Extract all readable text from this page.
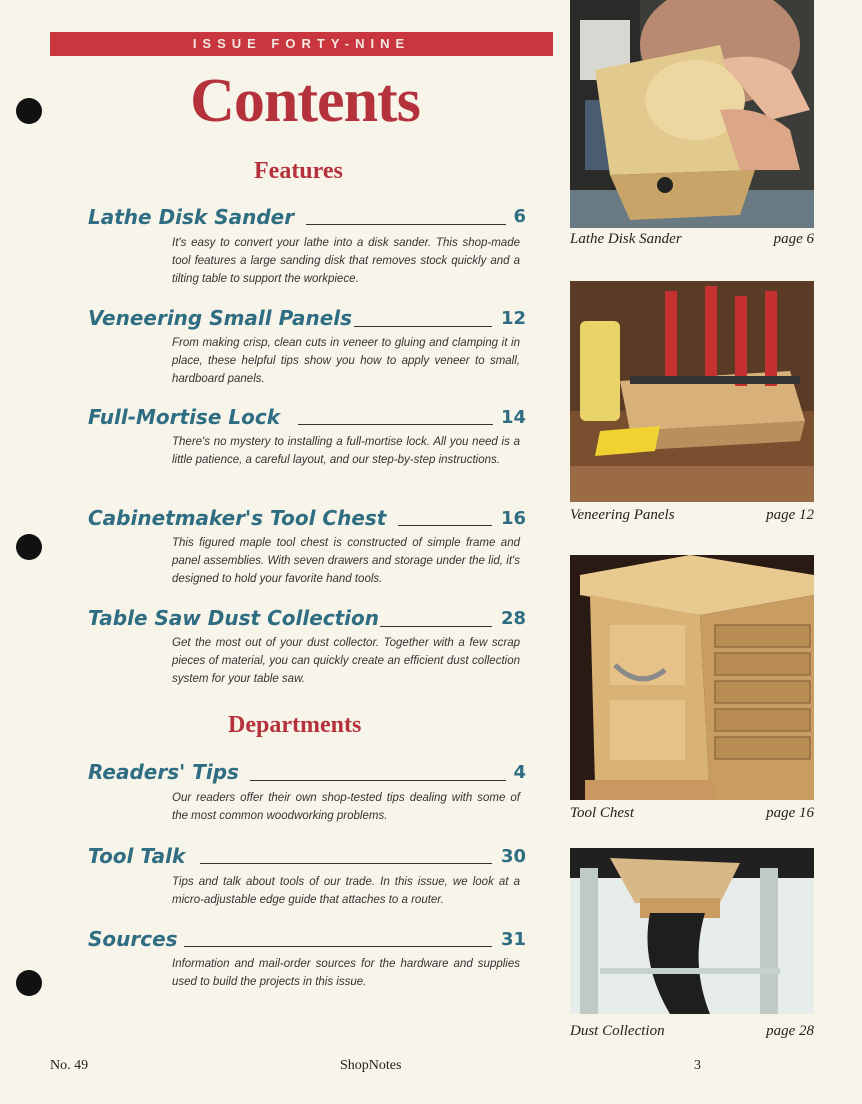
ISSUE FORTY-NINE
Contents
Features
Lathe Disk Sander	6
It's easy to convert your lathe into a disk sander. This shop-made tool features a large sanding disk that removes stock quickly and a tilting table to support the workpiece.
Veneering Small Panels	12
From making crisp, clean cuts in veneer to gluing and clamping it in place, these helpful tips show you how to apply veneer to small, hardboard panels.
Full-Mortise Lock	14
There's no mystery to installing a full-mortise lock. All you need is a little patience, a careful layout, and our step-by-step instructions.
Cabinetmaker's Tool Chest	16
This figured maple tool chest is constructed of simple frame and panel assemblies. With seven drawers and storage under the lid, it's designed to hold your favorite hand tools.
Table Saw Dust Collection	28
Get the most out of your dust collector. Together with a few scrap pieces of material, you can quickly create an efficient dust collection system for your table saw.
Departments
Readers' Tips	4
Our readers offer their own shop-tested tips dealing with some of the most common woodworking problems.
Tool Talk	30
Tips and talk about tools of our trade. In this issue, we look at a micro-adjustable edge guide that attaches to a router.
Sources	31
Information and mail-order sources for the hardware and supplies used to build the projects in this issue.
Lathe Disk Sander	page 6
Veneering Panels	page 12
Tool Chest	page 16
Dust Collection	page 28
No. 49	ShopNotes	3
